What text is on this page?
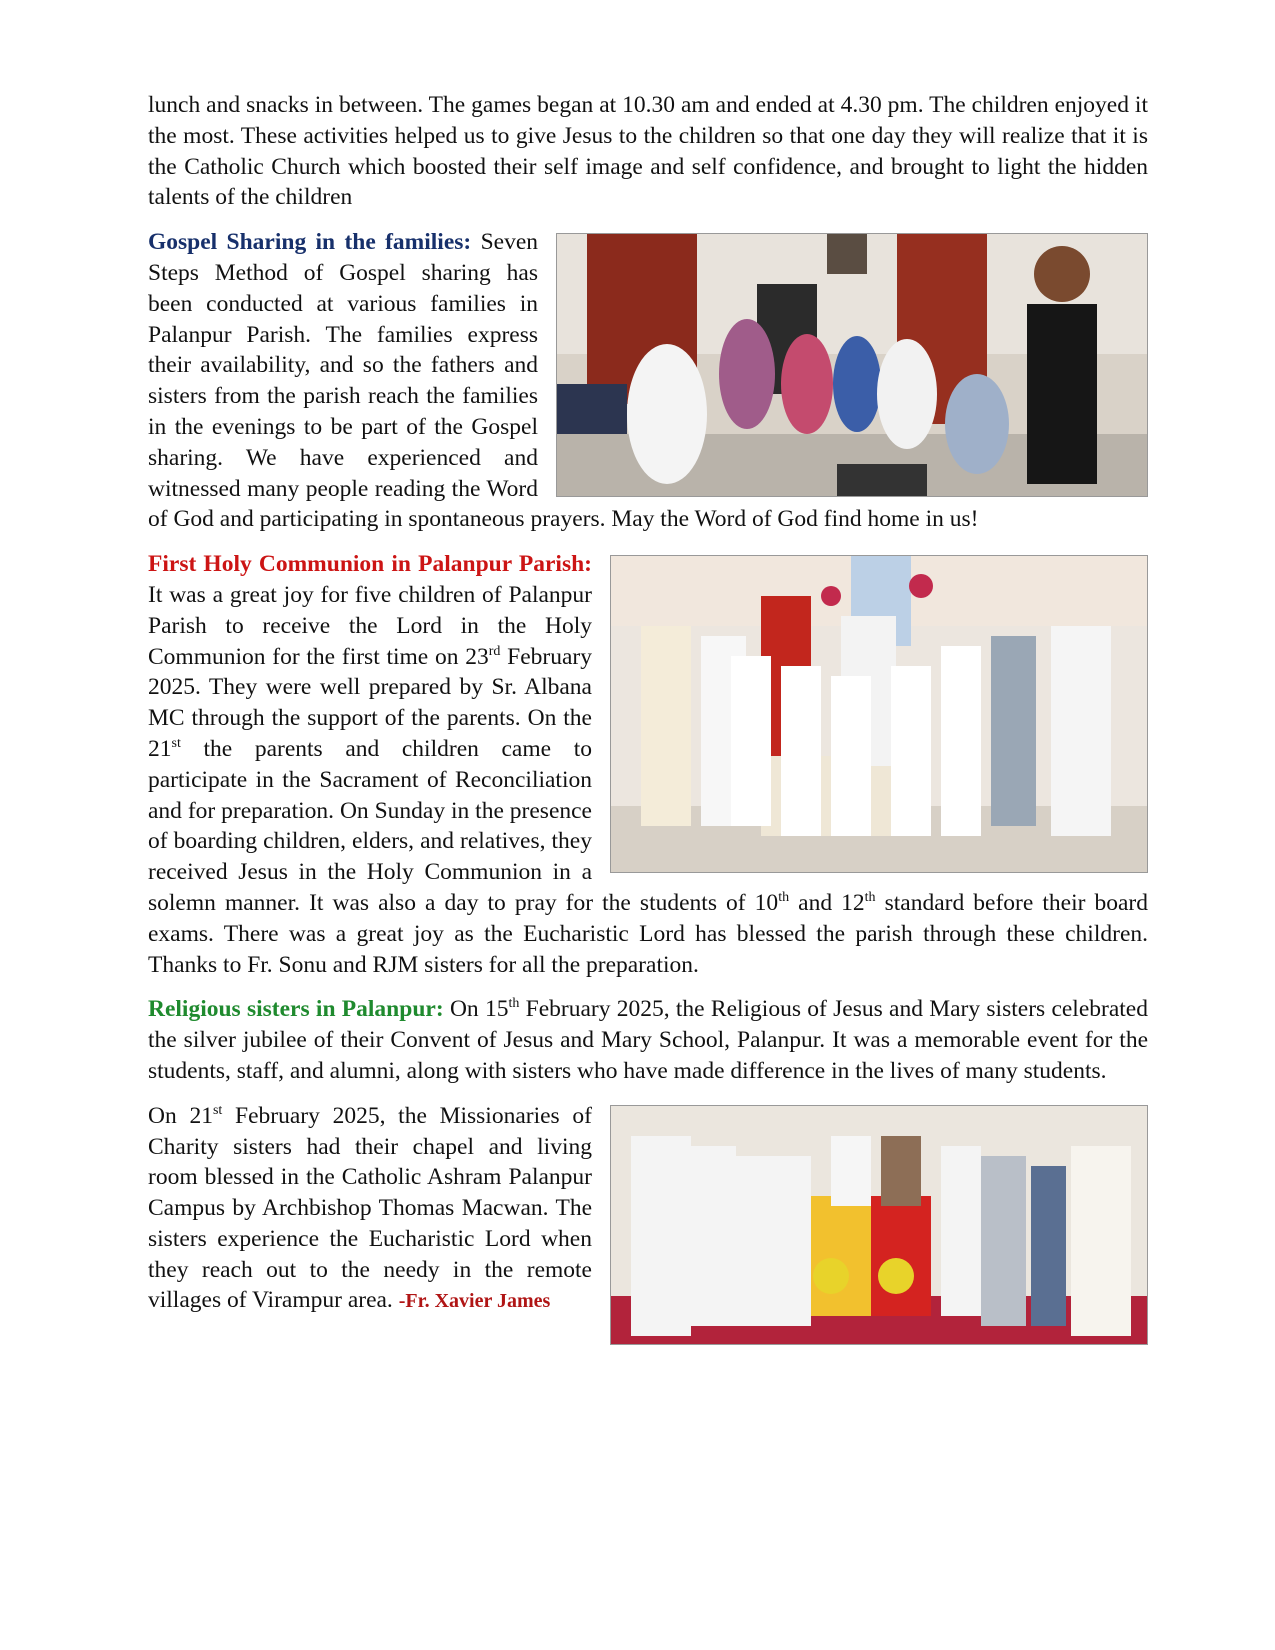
lunch and snacks in between. The games began at 10.30 am and ended at 4.30 pm. The children enjoyed it the most. These activities helped us to give Jesus to the children so that one day they will realize that it is the Catholic Church which boosted their self image and self confidence, and brought to light the hidden talents of the children

Gospel Sharing in the families: Seven Steps Method of Gospel sharing has been conducted at various families in Palanpur Parish. The families express their availability, and so the fathers and sisters from the parish reach the families in the evenings to be part of the Gospel sharing. We have experienced and witnessed many people reading the Word of God and participating in spontaneous prayers. May the Word of God find home in us!

First Holy Communion in Palanpur Parish: It was a great joy for five children of Palanpur Parish to receive the Lord in the Holy Communion for the first time on 23rd February 2025. They were well prepared by Sr. Albana MC through the support of the parents. On the 21st the parents and children came to participate in the Sacrament of Reconciliation and for preparation. On Sunday in the presence of boarding children, elders, and relatives, they received Jesus in the Holy Communion in a solemn manner. It was also a day to pray for the students of 10th and 12th standard before their board exams. There was a great joy as the Eucharistic Lord has blessed the parish through these children. Thanks to Fr. Sonu and RJM sisters for all the preparation.

Religious sisters in Palanpur: On 15th February 2025, the Religious of Jesus and Mary sisters celebrated the silver jubilee of their Convent of Jesus and Mary School, Palanpur. It was a memorable event for the students, staff, and alumni, along with sisters who have made difference in the lives of many students.

On 21st February 2025, the Missionaries of Charity sisters had their chapel and living room blessed in the Catholic Ashram Palanpur Campus by Archbishop Thomas Macwan. The sisters experience the Eucharistic Lord when they reach out to the needy in the remote villages of Virampur area. -Fr. Xavier James
